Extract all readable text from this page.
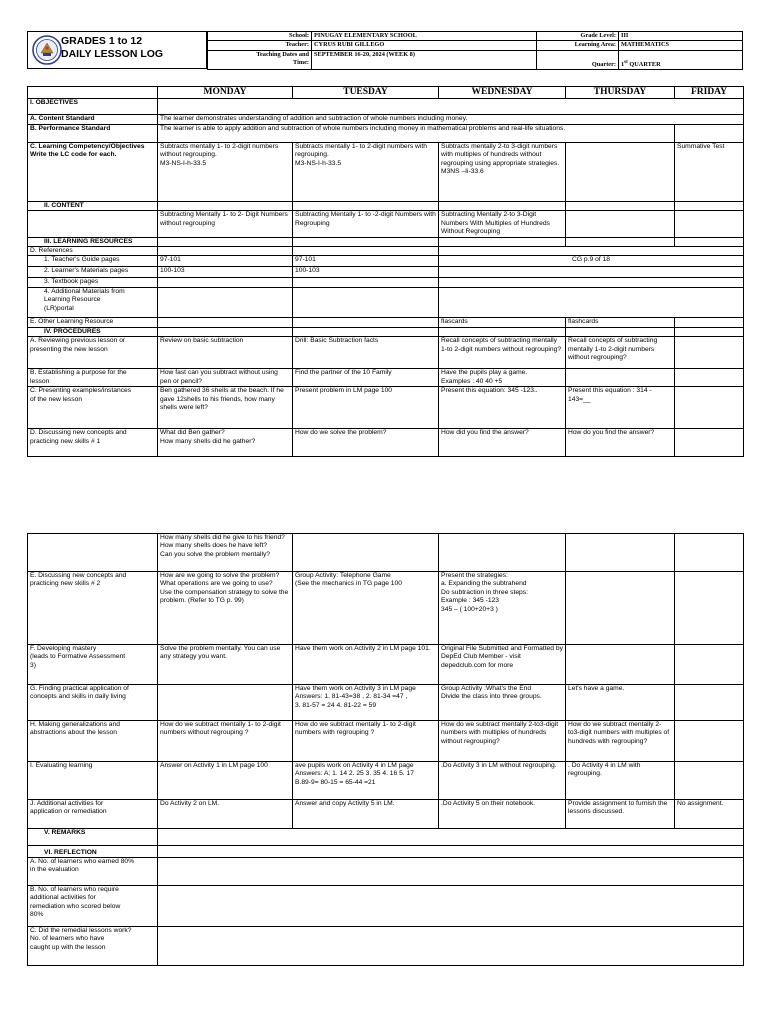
GRADES 1 to 12
DAILY LESSON LOG
School:	PINUGAY ELEMENTARY SCHOOL	Grade Level:	III
Teacher:	CYRUS RUBI GILLEGO	Learning Area:	MATHEMATICS
Teaching Dates and
Time:	SEPTEMBER 16-20, 2024 (WEEK 8)	Quarter:	1st QUARTER
	MONDAY	TUESDAY	WEDNESDAY	THURSDAY	FRIDAY
I. OBJECTIVES					
A. Content Standard	The learner demonstrates understanding of addition and subtraction of whole numbers including money.				
B. Performance Standard	The learner is able to apply addition and subtraction of whole numbers including money in mathematical problems and real-life situations.				
C. Learning Competency/Objectives
Write the LC code for each.	Subtracts mentally 1- to 2-digit numbers without regrouping.
M3-NS-I-h-33.5	Subtracts mentally 1- to 2-digit numbers with regrouping.
M3-NS-I-h-33.5	Subtracts mentally 2-to 3-digit numbers with multiples of hundreds without regrouping using appropriate strategies.
M3NS –Ii-33.6		Summative Test
II. CONTENT					
	Subtracting Mentally 1- to 2- Digit Numbers without regrouping	Subtracting Mentally 1- to -2-digit Numbers with Regrouping	Subtracting Mentally 2-to 3-Digit Numbers With Multiples of Hundreds Without Regrouping		
III. LEARNING RESOURCES					
D. References					
1. Teacher's Guide pages	97-101	97-101	CG p.9 of 18		
2. Learner's Materials pages	100-103	100-103			
3. Textbook pages					
4. Additional Materials from
Learning Resource
(LR)portal					
E. Other Learning Resource			flascards	flashcards	
IV. PROCEDURES					
A. Reviewing previous lesson or
presenting the new lesson	Review on basic subtraction	Drill: Basic Subtraction facts	Recall concepts of subtracting mentally 1-to 2-digit numbers without regrouping?	Recall concepts of subtracting mentally 1-to 2-digit numbers without regrouping?	
B. Establishing a purpose for the
lesson	How fast can you subtract without using pen or pencil?	Find the partner of the 10 Family	Have the pupils play a game.
Examples : 40 40 +5		
C. Presenting examples/instances
of the new lesson	Ben gathered 36 shells at the beach. If he gave 12shells to his friends, how many shells were left?	Present problem in LM page 100	Present this equation: 345 -123..	Present this equation : 314 - 143=__	
D. Discussing new concepts and
practicing new skills # 1	What did Ben gather?
How many shells did he gather?	How do we solve the problem?	How did you find the answer?	How do you find the answer?	
	How many shells did he give to his friend?
How many shells does he have left?
Can you solve the problem mentally?				
E. Discussing new concepts and
practicing new skills # 2	How are we going to solve the problem?
What operations are we going to use?
Use the compensation strategy to solve the problem. (Refer to TG p. 99)	Group Activity: Telephone Game
(See the mechanics in TG page 100	Present the strategies:
a. Expanding the subtrahend
Do subtraction in three steps:
Example : 345 -123
345 – ( 100+20+3 )		
F. Developing mastery
(leads to Formative Assessment
3)	Solve the problem mentally. You can use any strategy you want.	Have them work on Activity 2 in LM page 101.	Original File Submitted and Formatted by DepEd Club Member - visit depedclub.com for more		
G. Finding practical application of
concepts and skills in daily living		Have them work on Activity 3 in LM page
Answers: 1. 81-43=38 , 2. 81-34 =47 ,
3. 81-57 = 24 4. 81-22 = 59	Group Activity :What's the End
Divide the class into three groups.	Let's have a game.	
H. Making generalizations and
abstractions about the lesson	How do we subtract mentally 1- to 2-digit numbers without regrouping ?	How do we subtract mentally 1- to 2-digit numbers with regrouping ?	How do we subtract mentally 2-to3-digit numbers with multiples of hundreds without regrouping?	How do we subtract mentally 2-to3-digit numbers with multiples of hundreds with regrouping?	
I. Evaluating learning	Answer on Activity 1 in LM page 100	ave pupils work on Activity 4 in LM page
Answers: A; 1. 14 2. 25 3. 35 4. 16 5. 17
B.89-9= 80-15 = 65-44 =21	.Do Activity 3 in LM without regrouping.	. Do Activity 4 in LM with regrouping.	
J. Additional activities for
application or remediation	Do Activity 2 on LM.	Answer and copy Activity 5 in LM.	.Do Activity 5 on their notebook.	Provide assignment to furnish the lessons discussed.	No assignment.
V. REMARKS					
VI. REFLECTION					
A. No. of learners who earned 80%
in the evaluation					
B. No. of learners who require
additional activities for
remediation who scored below
80%					
C. Did the remedial lessons work?
No. of learners who have
caught up with the lesson					
